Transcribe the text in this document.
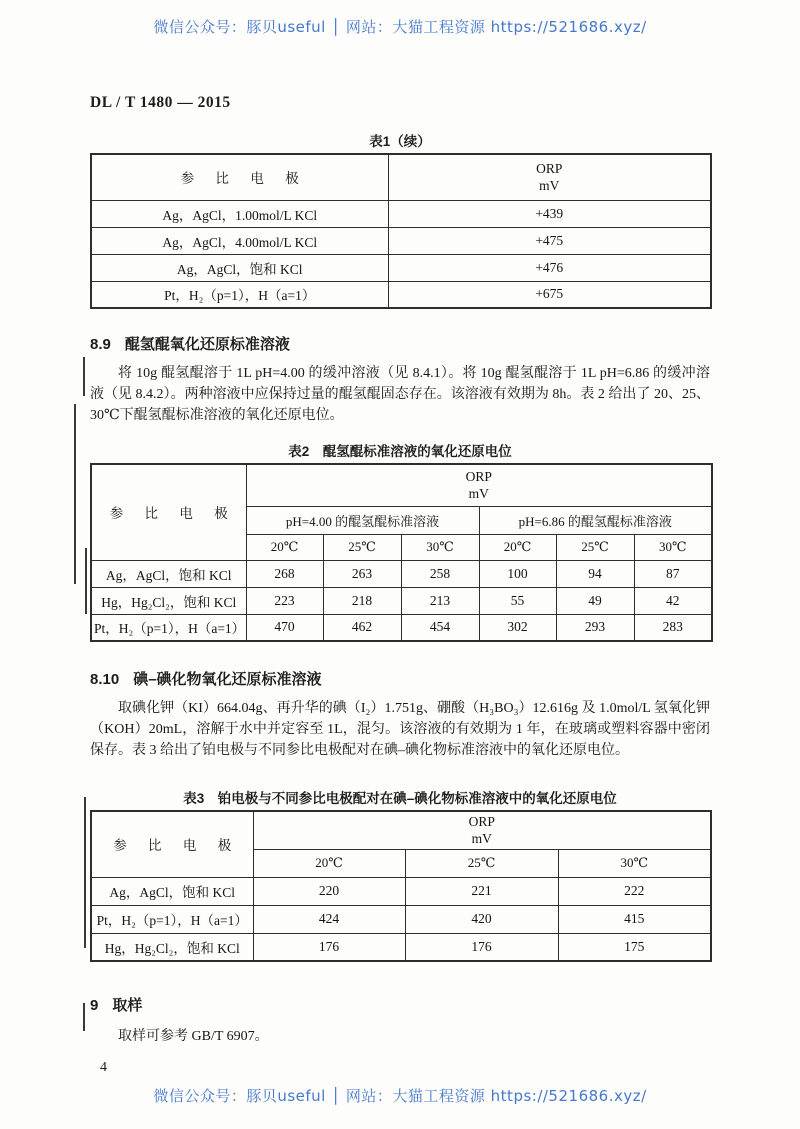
微信公众号：豚贝useful │ 网站：大猫工程资源 https://521686.xyz/
DL / T 1480 — 2015
表1（续）
参 比 电 极	ORP
mV

Ag，AgCl，1.00mol/L KCl	+439
Ag，AgCl，4.00mol/L KCl	+475
Ag，AgCl，饱和 KCl	+476
Pt，H₂（p=1），H（a=1）	+675
8.9 醌氢醌氧化还原标准溶液
将 10g 醌氢醌溶于 1L pH=4.00 的缓冲溶液（见 8.4.1）。将 10g 醌氢醌溶于 1L pH=6.86 的缓冲溶液（见 8.4.2）。两种溶液中应保持过量的醌氢醌固态存在。该溶液有效期为 8h。表 2 给出了 20、25、30℃下醌氢醌标准溶液的氧化还原电位。
表2　醌氢醌标准溶液的氧化还原电位
参 比 电 极	ORP
mV					

	pH=4.00 的醌氢醌标准溶液			pH=6.86 的醌氢醌标准溶液		
	20℃	25℃	30℃	20℃	25℃	30℃
Ag，AgCl，饱和 KCl	268	263	258	100	94	87
Hg，Hg₂Cl₂，饱和 KCl	223	218	213	55	49	42
Pt，H₂（p=1），H（a=1）	470	462	454	302	293	283
8.10 碘–碘化物氧化还原标准溶液
取碘化钾（KI）664.04g、再升华的碘（I₂）1.751g、硼酸（H₃BO₃）12.616g 及 1.0mol/L 氢氧化钾（KOH）20mL，溶解于水中并定容至 1L，混匀。该溶液的有效期为 1 年，在玻璃或塑料容器中密闭保存。表 3 给出了铂电极与不同参比电极配对在碘–碘化物标准溶液中的氧化还原电位。
表3　铂电极与不同参比电极配对在碘–碘化物标准溶液中的氧化还原电位
参 比 电 极	ORP
mV		

	20℃	25℃	30℃
Ag，AgCl，饱和 KCl	220	221	222
Pt，H₂（p=1），H（a=1）	424	420	415
Hg，Hg₂Cl₂，饱和 KCl	176	176	175
9 取样
取样可参考 GB/T 6907。
4
微信公众号：豚贝useful │ 网站：大猫工程资源 https://521686.xyz/
